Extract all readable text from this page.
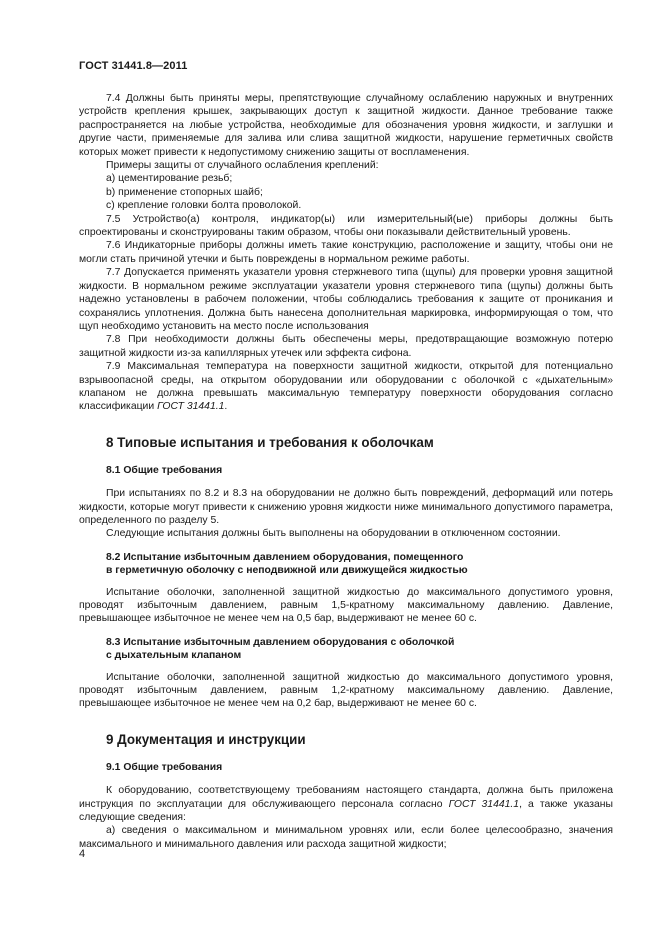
ГОСТ 31441.8—2011

7.4 Должны быть приняты меры, препятствующие случайному ослаблению наружных и внутренних устройств крепления крышек, закрывающих доступ к защитной жидкости. Данное требование также распространяется на любые устройства, необходимые для обозначения уровня жидкости, и заглушки и другие части, применяемые для залива или слива защитной жидкости, нарушение герметичных свойств которых может привести к недопустимому снижению защиты от воспламенения.

Примеры защиты от случайного ослабления креплений:

а) цементирование резьб;

b) применение стопорных шайб;

c) крепление головки болта проволокой.

7.5 Устройство(а) контроля, индикатор(ы) или измерительный(ые) приборы должны быть спроектированы и сконструированы таким образом, чтобы они показывали действительный уровень.

7.6 Индикаторные приборы должны иметь такие конструкцию, расположение и защиту, чтобы они не могли стать причиной утечки и быть повреждены в нормальном режиме работы.

7.7 Допускается применять указатели уровня стержневого типа (щупы) для проверки уровня защитной жидкости. В нормальном режиме эксплуатации указатели уровня стержневого типа (щупы) должны быть надежно установлены в рабочем положении, чтобы соблюдались требования к защите от проникания и сохранялись уплотнения. Должна быть нанесена дополнительная маркировка, информирующая о том, что щуп необходимо установить на место после использования

7.8 При необходимости должны быть обеспечены меры, предотвращающие возможную потерю защитной жидкости из-за капиллярных утечек или эффекта сифона.

7.9 Максимальная температура на поверхности защитной жидкости, открытой для потенциально взрывоопасной среды, на открытом оборудовании или оборудовании с оболочкой с «дыхательным» клапаном не должна превышать максимальную температуру поверхности оборудования согласно классификации ГОСТ 31441.1.

8 Типовые испытания и требования к оболочкам
8.1 Общие требования

При испытаниях по 8.2 и 8.3 на оборудовании не должно быть повреждений, деформаций или потерь жидкости, которые могут привести к снижению уровня жидкости ниже минимального допустимого параметра, определенного по разделу 5.

Следующие испытания должны быть выполнены на оборудовании в отключенном состоянии.

8.2 Испытание избыточным давлением оборудования, помещенного
в герметичную оболочку с неподвижной или движущейся жидкостью

Испытание оболочки, заполненной защитной жидкостью до максимального допустимого уровня, проводят избыточным давлением, равным 1,5-кратному максимальному давлению. Давление, превышающее избыточное не менее чем на 0,5 бар, выдерживают не менее 60 с.

8.3 Испытание избыточным давлением оборудования с оболочкой
с дыхательным клапаном

Испытание оболочки, заполненной защитной жидкостью до максимального допустимого уровня, проводят избыточным давлением, равным 1,2-кратному максимальному давлению. Давление, превышающее избыточное не менее чем на 0,2 бар, выдерживают не менее 60 с.

9 Документация и инструкции
9.1 Общие требования

К оборудованию, соответствующему требованиям настоящего стандарта, должна быть приложена инструкция по эксплуатации для обслуживающего персонала согласно ГОСТ 31441.1, а также указаны следующие сведения:

а) сведения о максимальном и минимальном уровнях или, если более целесообразно, значения максимального и минимального давления или расхода защитной жидкости;

4
